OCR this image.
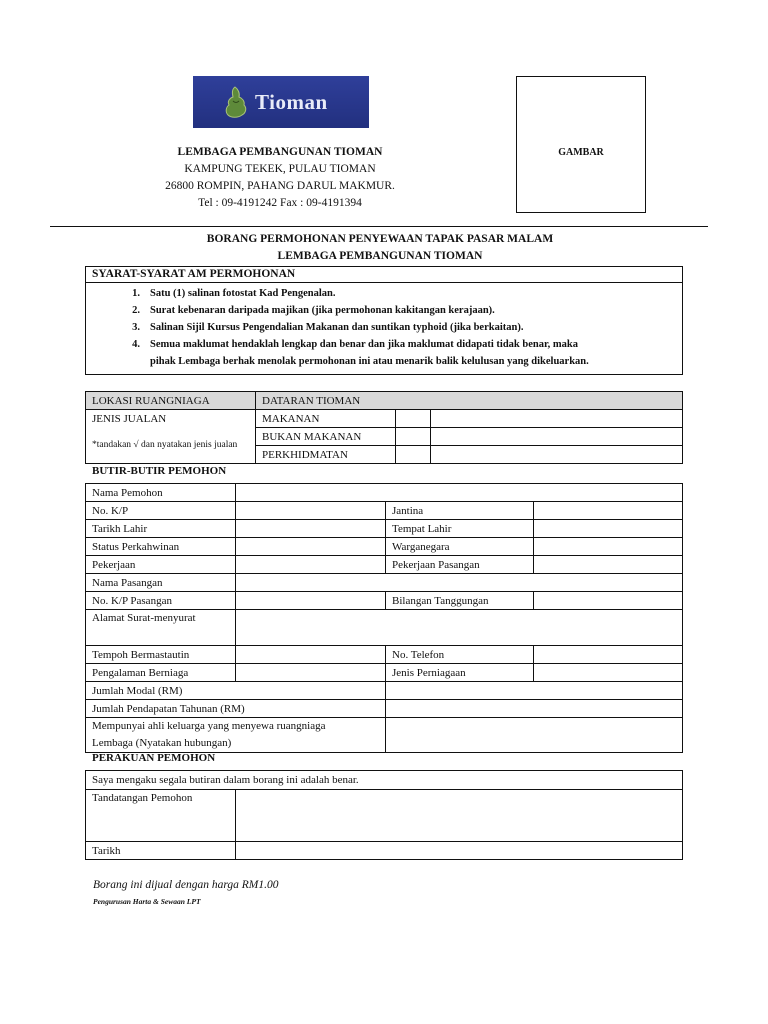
Tioman
GAMBAR
LEMBAGA PEMBANGUNAN TIOMAN
KAMPUNG TEKEK, PULAU TIOMAN
26800 ROMPIN, PAHANG DARUL MAKMUR.
Tel : 09-4191242 Fax : 09-4191394
BORANG PERMOHONAN PENYEWAAN TAPAK PASAR MALAM
LEMBAGA PEMBANGUNAN TIOMAN
SYARAT-SYARAT AM PERMOHONAN
1. Satu (1) salinan fotostat Kad Pengenalan.
2. Surat kebenaran daripada majikan (jika permohonan kakitangan kerajaan).
3. Salinan Sijil Kursus Pengendalian Makanan dan suntikan typhoid (jika berkaitan).
4. Semua maklumat hendaklah lengkap dan benar dan jika maklumat didapati tidak benar, maka
pihak Lembaga berhak menolak permohonan ini atau menarik balik kelulusan yang dikeluarkan.
LOKASI RUANGNIAGA	DATARAN TIOMAN		
JENIS JUALAN	MAKANAN		
*tandakan √ dan nyatakan jenis jualan	BUKAN MAKANAN		
	PERKHIDMATAN		
BUTIR-BUTIR PEMOHON
Nama Pemohon			
No. K/P		Jantina	
Tarikh Lahir		Tempat Lahir	
Status Perkahwinan		Warganegara	
Pekerjaan		Pekerjaan Pasangan	
Nama Pasangan			
No. K/P Pasangan		Bilangan Tanggungan	
Alamat Surat-menyurat			
Tempoh Bermastautin		No. Telefon	
Pengalaman Berniaga		Jenis Perniagaan	
Jumlah Modal (RM)			
Jumlah Pendapatan Tahunan (RM)			
Mempunyai ahli keluarga yang menyewa ruangniaga
Lembaga (Nyatakan hubungan)			
PERAKUAN PEMOHON
Saya mengaku segala butiran dalam borang ini adalah benar.	
Tandatangan Pemohon	
Tarikh	
Borang ini dijual dengan harga RM1.00
Pengurusan Harta & Sewaan LPT
